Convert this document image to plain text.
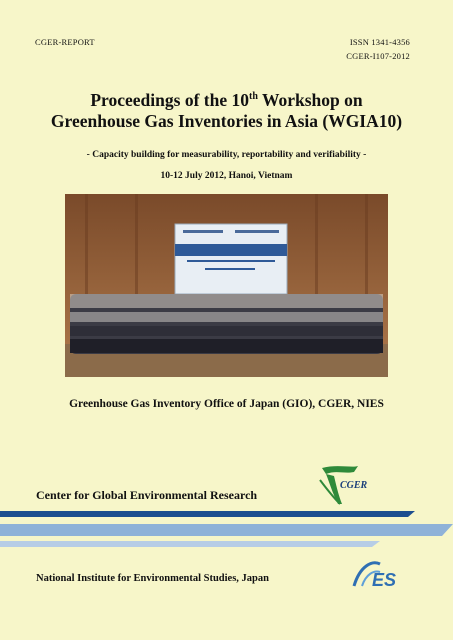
CGER-REPORT	ISSN 1341-4356
CGER-I107-2012
Proceedings of the 10th Workshop on
Greenhouse Gas Inventories in Asia (WGIA10)
- Capacity building for measurability, reportability and verifiability -
10-12 July 2012, Hanoi, Vietnam
Greenhouse Gas Inventory Office of Japan (GIO), CGER, NIES
CGER
Center for Global Environmental Research
National Institute for Environmental Studies, Japan	ES
